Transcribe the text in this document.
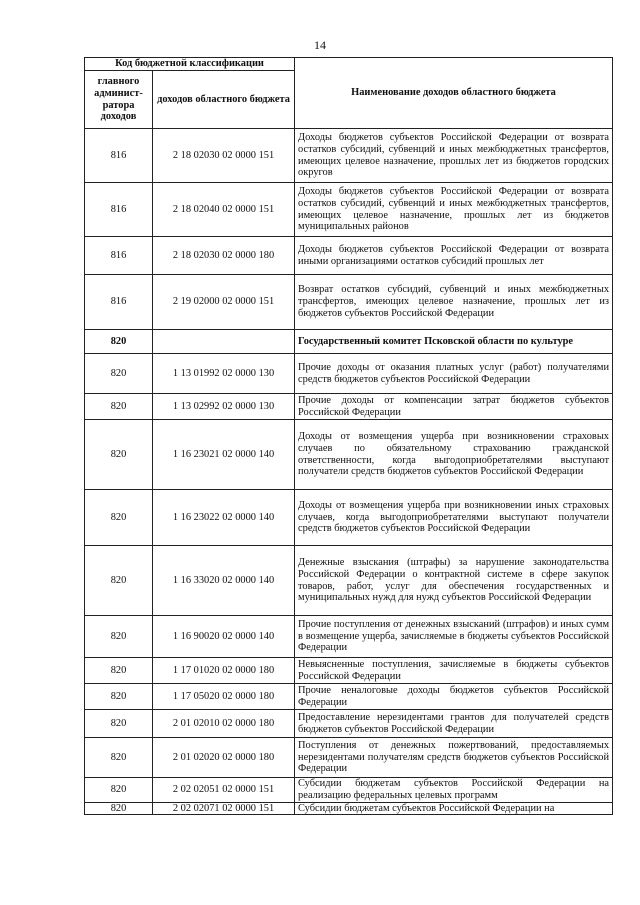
14
Код бюджетной классификации		Наименование доходов областного бюджета
главного админист-ратора доходов	доходов областного бюджета	
816	2 18 02030 02 0000 151	Доходы бюджетов субъектов Российской Федерации от возврата остатков субсидий, субвенций и иных межбюджетных трансфертов, имеющих целевое назначение, прошлых лет из бюджетов городских округов
816	2 18 02040 02 0000 151	Доходы бюджетов субъектов Российской Федерации от возврата остатков субсидий, субвенций и иных межбюджетных трансфертов, имеющих целевое назначение, прошлых лет из бюджетов муниципальных районов
816	2 18 02030 02 0000 180	Доходы бюджетов субъектов Российской Федерации от возврата иными организациями остатков субсидий прошлых лет
816	2 19 02000 02 0000 151	Возврат остатков субсидий, субвенций и иных межбюджетных трансфертов, имеющих целевое назначение, прошлых лет из бюджетов субъектов Российской Федерации
820		Государственный комитет Псковской области по культуре
820	1 13 01992 02 0000 130	Прочие доходы от оказания платных услуг (работ) получателями средств бюджетов субъектов Российской Федерации
820	1 13 02992 02 0000 130	Прочие доходы от компенсации затрат бюджетов субъектов Российской Федерации
820	1 16 23021 02 0000 140	Доходы от возмещения ущерба при возникновении страховых случаев по обязательному страхованию гражданской ответственности, когда выгодоприобретателями выступают получатели средств бюджетов субъектов Российской Федерации
820	1 16 23022 02 0000 140	Доходы от возмещения ущерба при возникновении иных страховых случаев, когда выгодоприобретателями выступают получатели средств бюджетов субъектов Российской Федерации
820	1 16 33020 02 0000 140	Денежные взыскания (штрафы) за нарушение законодательства Российской Федерации о контрактной системе в сфере закупок товаров, работ, услуг для обеспечения государственных и муниципальных нужд для нужд субъектов Российской Федерации
820	1 16 90020 02 0000 140	Прочие поступления от денежных взысканий (штрафов) и иных сумм в возмещение ущерба, зачисляемые в бюджеты субъектов Российской Федерации
820	1 17 01020 02 0000 180	Невыясненные поступления, зачисляемые в бюджеты субъектов Российской Федерации
820	1 17 05020 02 0000 180	Прочие неналоговые доходы бюджетов субъектов Российской Федерации
820	2 01 02010 02 0000 180	Предоставление нерезидентами грантов для получателей средств бюджетов субъектов Российской Федерации
820	2 01 02020 02 0000 180	Поступления от денежных пожертвований, предоставляемых нерезидентами получателям средств бюджетов субъектов Российской Федерации
820	2 02 02051 02 0000 151	Субсидии бюджетам субъектов Российской Федерации на реализацию федеральных целевых программ
820	2 02 02071 02 0000 151	Субсидии бюджетам субъектов Российской Федерации на
